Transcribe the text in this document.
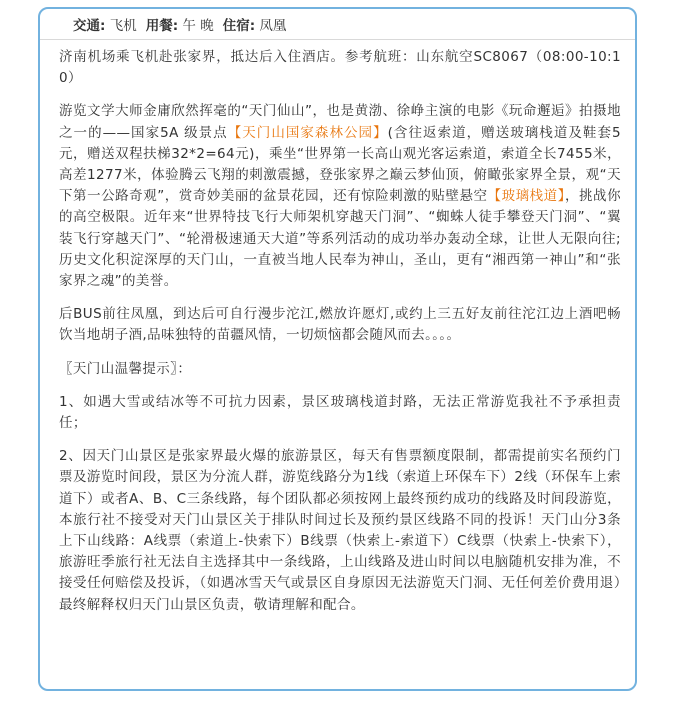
交通: 飞机 用餐: 午 晚 住宿: 凤凰

济南机场乘飞机赴张家界，抵达后入住酒店。参考航班：山东航空SC8067（08:00-10:10）

游览文学大师金庸欣然挥毫的“天门仙山”，也是黄渤、徐峥主演的电影《玩命邂逅》拍摄地之一的——国家5A 级景点【天门山国家森林公园】(含往返索道，赠送玻璃栈道及鞋套5元，赠送双程扶梯32*2=64元)，乘坐“世界第一长高山观光客运索道，索道全长7455米，高差1277米，体验腾云飞翔的刺激震撼，登张家界之巅云梦仙顶，俯瞰张家界全景，观“天下第一公路奇观”，赏奇妙美丽的盆景花园，还有惊险刺激的贴壁悬空【玻璃栈道】，挑战你的高空极限。近年来“世界特技飞行大师架机穿越天门洞”、“蜘蛛人徒手攀登天门洞”、“翼装飞行穿越天门”、“轮滑极速通天大道”等系列活动的成功举办轰动全球，让世人无限向往;历史文化积淀深厚的天门山，一直被当地人民奉为神山，圣山，更有“湘西第一神山”和“张家界之魂”的美誉。

后BUS前往凤凰，到达后可自行漫步沱江,燃放许愿灯,或约上三五好友前往沱江边上酒吧畅饮当地胡子酒,品味独特的苗疆风情，一切烦恼都会随风而去。。。。

〖天门山温馨提示〗：

1、如遇大雪或结冰等不可抗力因素，景区玻璃栈道封路，无法正常游览我社不予承担责任；

2、因天门山景区是张家界最火爆的旅游景区，每天有售票额度限制，都需提前实名预约门票及游览时间段，景区为分流人群，游览线路分为1线（索道上环保车下）2线（环保车上索道下）或者A、B、C三条线路，每个团队都必须按网上最终预约成功的线路及时间段游览，本旅行社不接受对天门山景区关于排队时间过长及预约景区线路不同的投诉！天门山分3条上下山线路：A线票（索道上-快索下）B线票（快索上-索道下）C线票（快索上-快索下），旅游旺季旅行社无法自主选择其中一条线路，上山线路及进山时间以电脑随机安排为准，不接受任何赔偿及投诉，（如遇冰雪天气或景区自身原因无法游览天门洞、无任何差价费用退）最终解释权归天门山景区负责，敬请理解和配合。
